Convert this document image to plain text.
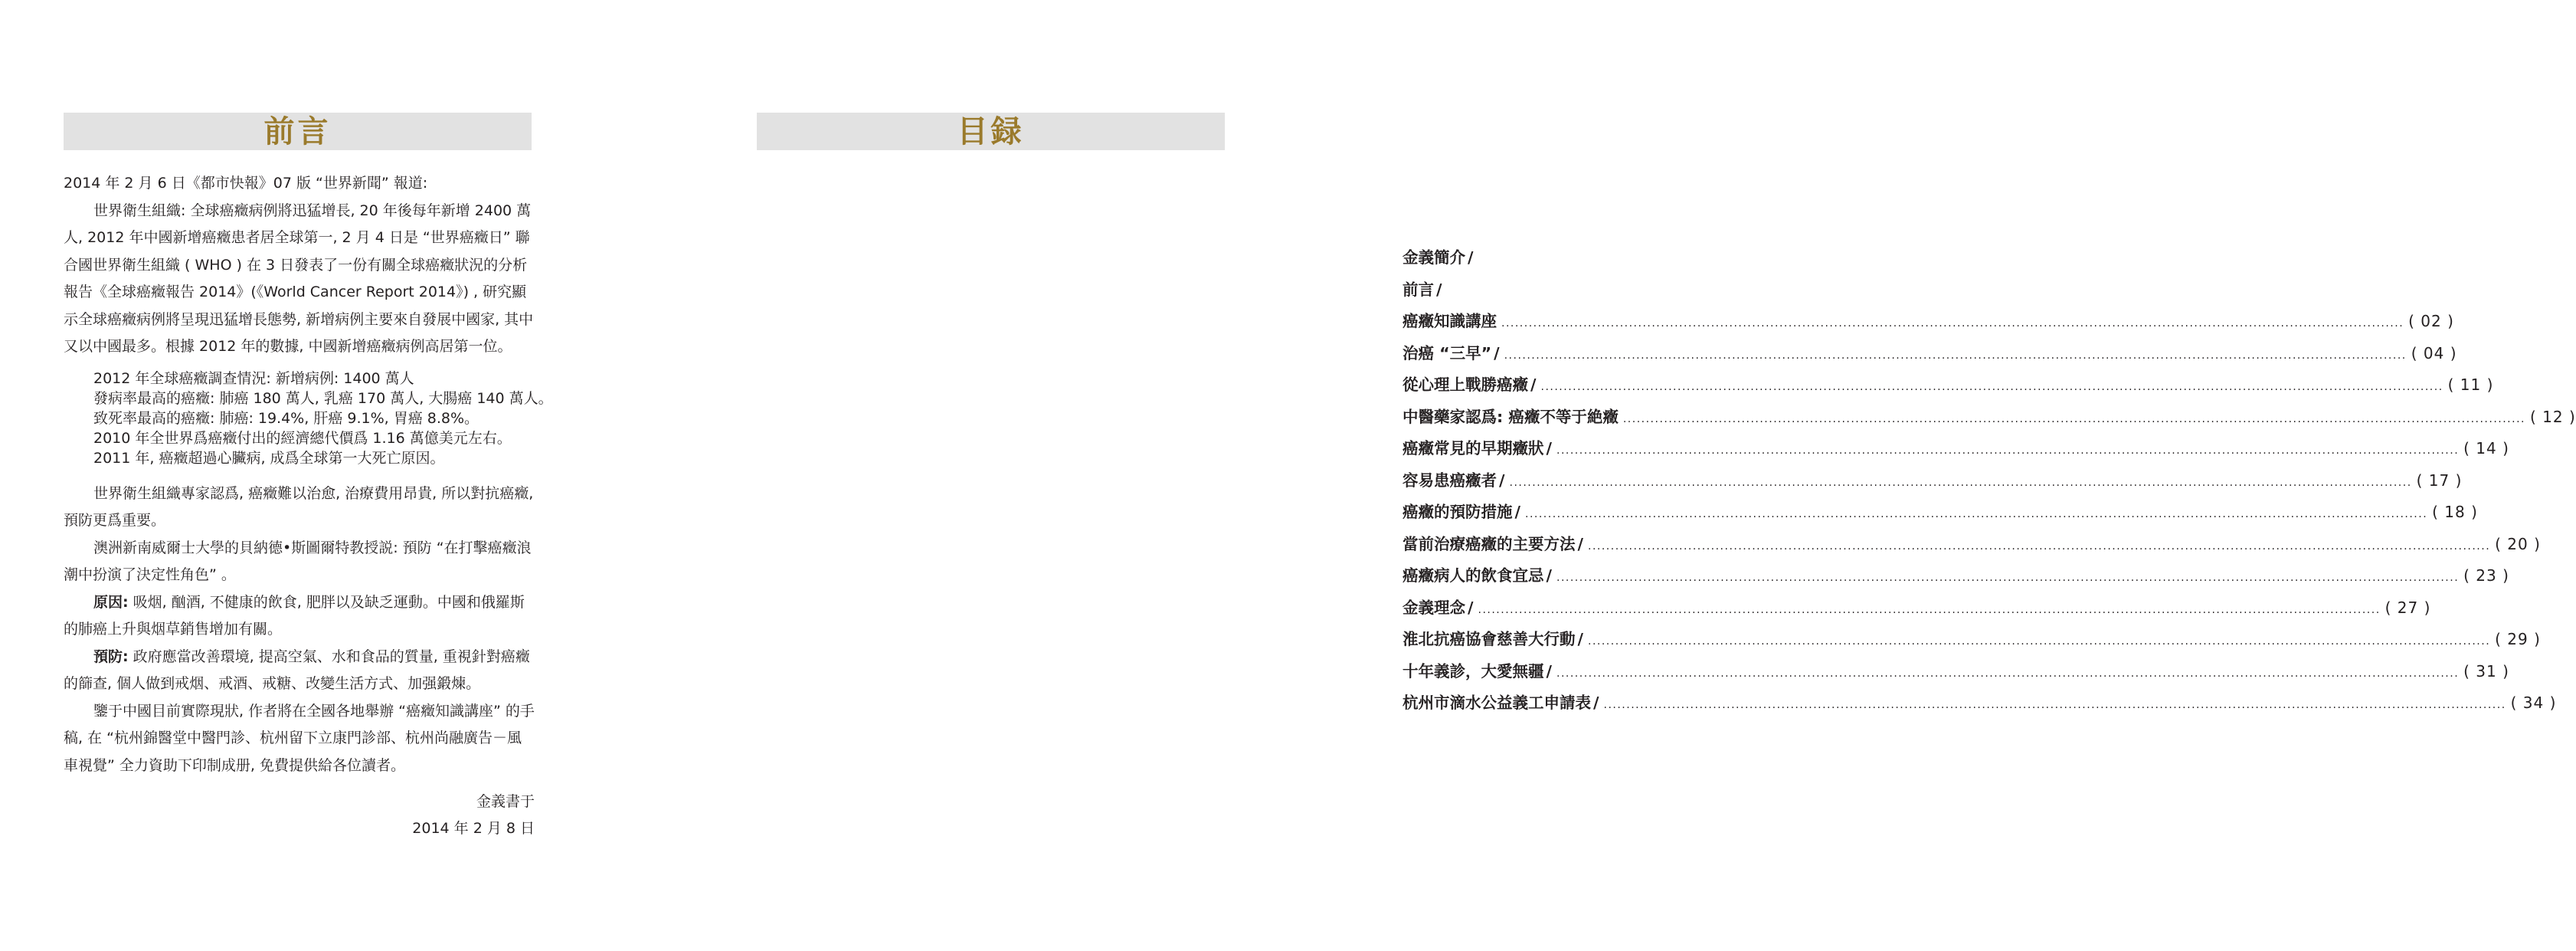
前言

2014 年 2 月 6 日《都市快報》07 版 “世界新聞” 報道:

世界衛生組織: 全球癌癥病例將迅猛增長, 20 年後每年新增 2400 萬人, 2012 年中國新增癌癥患者居全球第一, 2 月 4 日是 “世界癌癥日” 聯合國世界衛生組織 ( WHO ) 在 3 日發表了一份有關全球癌癥狀況的分析報告《全球癌癥報告 2014》(《World Cancer Report 2014》) , 研究顯示全球癌癥病例將呈現迅猛增長態勢, 新增病例主要來自發展中國家, 其中又以中國最多。根據 2012 年的數據, 中國新增癌癥病例高居第一位。

2012 年全球癌癥調查情況: 新增病例: 1400 萬人
發病率最高的癌癥: 肺癌 180 萬人, 乳癌 170 萬人, 大腸癌 140 萬人。
致死率最高的癌癥: 肺癌: 19.4%, 肝癌 9.1%, 胃癌 8.8%。
2010 年全世界爲癌癥付出的經濟總代價爲 1.16 萬億美元左右。
2011 年, 癌癥超過心臟病, 成爲全球第一大死亡原因。

世界衛生組織專家認爲, 癌癥難以治愈, 治療費用昂貴, 所以對抗癌癥, 預防更爲重要。

澳洲新南威爾士大學的貝納德•斯圖爾特教授説: 預防 “在打擊癌癥浪潮中扮演了決定性角色” 。

原因: 吸烟, 酗酒, 不健康的飲食, 肥胖以及缺乏運動。中國和俄羅斯的肺癌上升與烟草銷售增加有關。

預防: 政府應當改善環境, 提高空氣、水和食品的質量, 重視針對癌癥的篩查, 個人做到戒烟、戒酒、戒糖、改變生活方式、加强鍛煉。

鑒于中國目前實際現狀, 作者將在全國各地舉辦 “癌癥知識講座” 的手稿, 在 “杭州錦醫堂中醫門診、杭州留下立康門診部、杭州尚融廣告－風車視覺” 全力資助下印制成册, 免費提供給各位讀者。

金義書于
2014 年 2 月 8 日
目録
金義簡介 /
前言 /
癌癥知識講座 .....	( 02 )
治癌 “三早” / .....	( 04 )
從心理上戰勝癌癥 / .....	( 11 )
中醫藥家認爲: 癌癥不等于絶癥 .....	( 12 )
癌癥常見的早期癥狀 / .....	( 14 )
容易患癌癥者 / .....	( 17 )
癌癥的預防措施 / .....	( 18 )
當前治療癌癥的主要方法 / .....	( 20 )
癌癥病人的飲食宜忌 / .....	( 23 )
金義理念 / .....	( 27 )
淮北抗癌協會慈善大行動 / .....	( 29 )
十年義診，大愛無疆 / .....	( 31 )
杭州市滴水公益義工申請表 / .....	( 34 )
